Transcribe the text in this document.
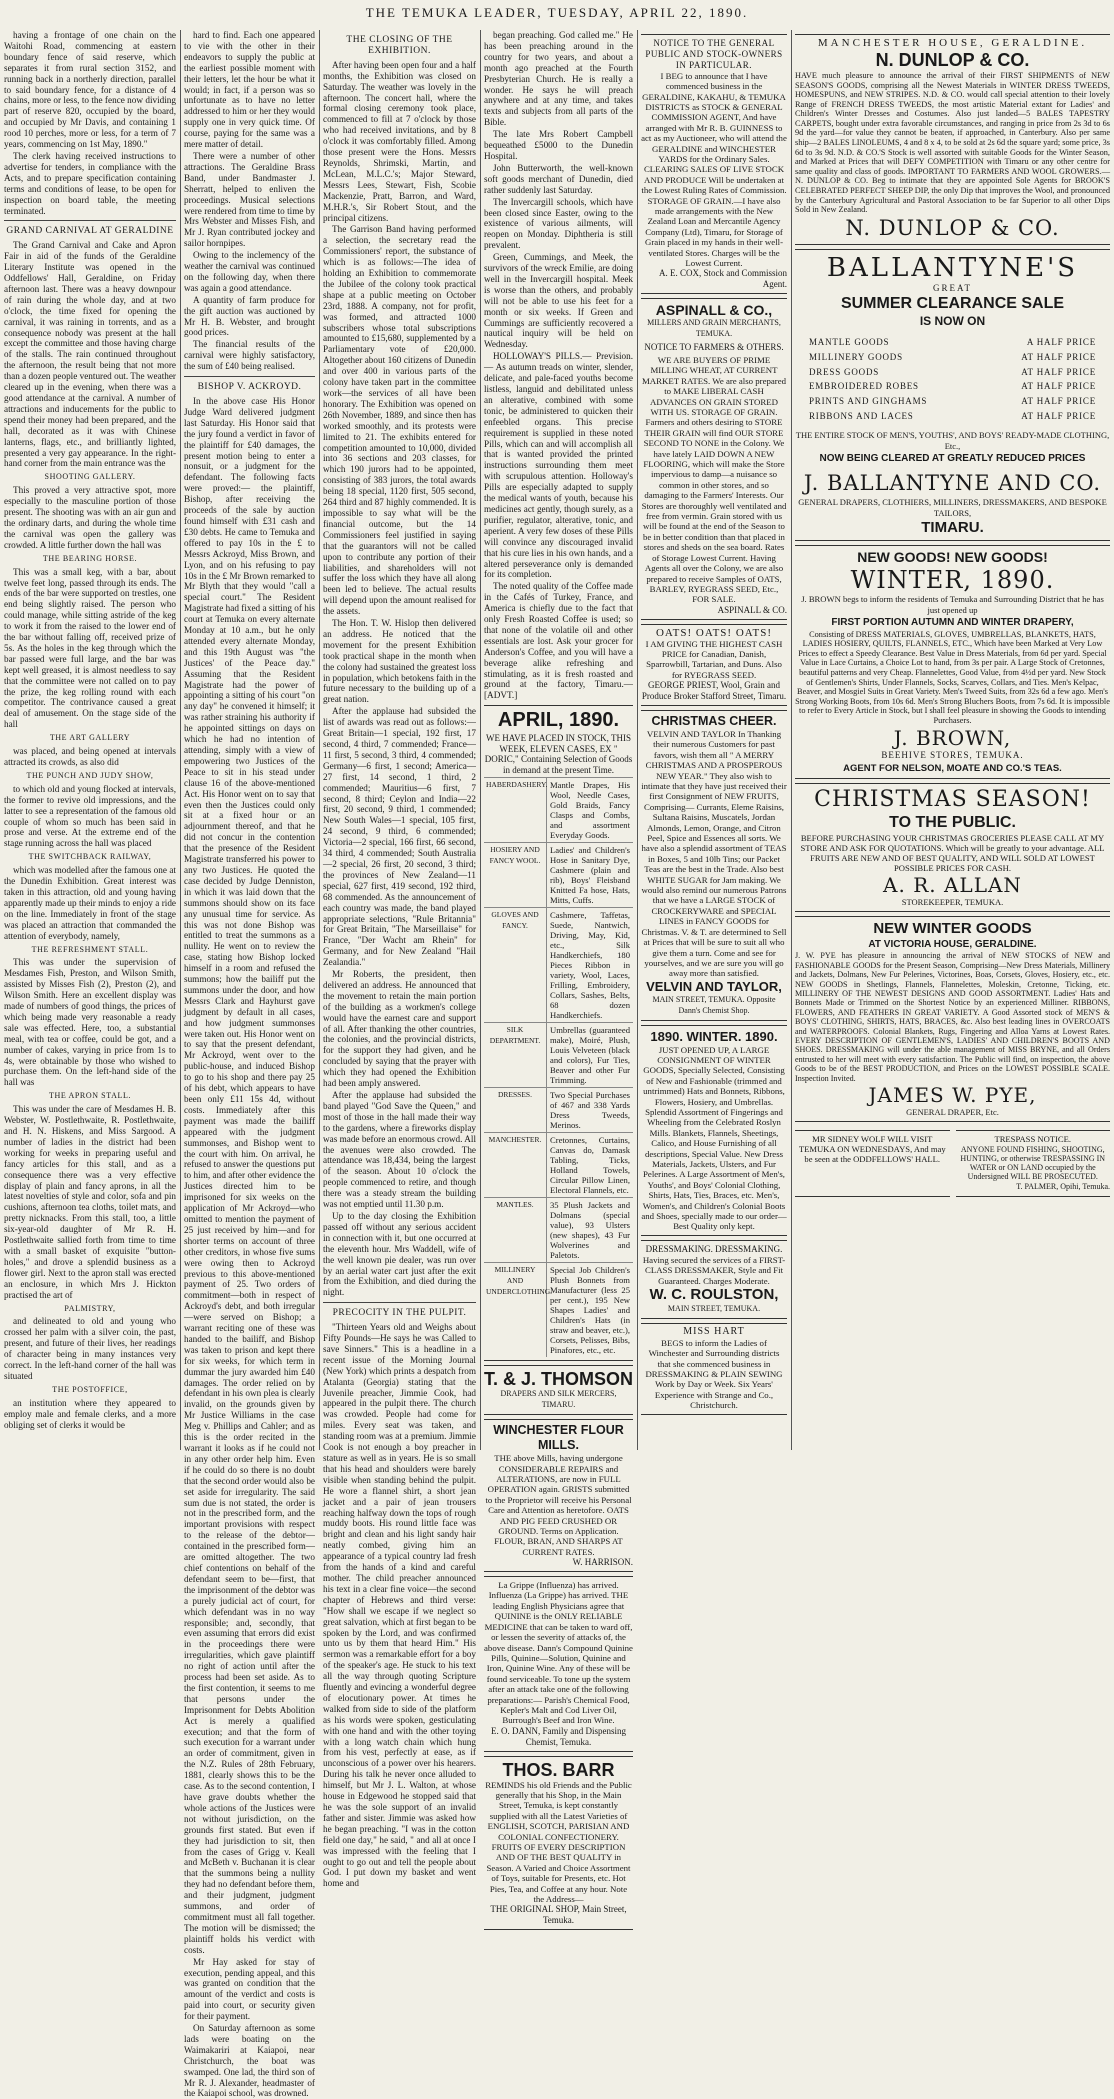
THE TEMUKA LEADER, TUESDAY, APRIL 22, 1890.

having a frontage of one chain on the Waitohi Road, commencing at eastern boundary fence of said reserve, which separates it from rural section 3152, and running back in a northerly direction, parallel to said boundary fence, for a distance of 4 chains, more or less, to the fence now dividing part of reserve 820, occupied by the board, and occupied by Mr Davis, and containing 1 rood 10 perches, more or less, for a term of 7 years, commencing on 1st May, 1890."

The clerk having received instructions to advertise for tenders, in compliance with the Acts, and to prepare specification containing terms and conditions of lease, to be open for inspection on board table, the meeting terminated.

GRAND CARNIVAL AT GERALDINE

The Grand Carnival and Cake and Apron Fair in aid of the funds of the Geraldine Literary Institute was opened in the Oddfellows' Hall, Geraldine, on Friday afternoon last. There was a heavy downpour of rain during the whole day, and at two o'clock, the time fixed for opening the carnival, it was raining in torrents, and as a consequence nobody was present at the hall except the committee and those having charge of the stalls. The rain continued throughout the afternoon, the result being that not more than a dozen people ventured out. The weather cleared up in the evening, when there was a good attendance at the carnival. A number of attractions and inducements for the public to spend their money had been prepared, and the hall, decorated as it was with Chinese lanterns, flags, etc., and brilliantly lighted, presented a very gay appearance. In the right-hand corner from the main entrance was the

SHOOTING GALLERY.

This proved a very attractive spot, more especially to the masculine portion of those present. The shooting was with an air gun and the ordinary darts, and during the whole time the carnival was open the gallery was crowded. A little further down the hall was

THE BEARING HORSE.

This was a small keg, with a bar, about twelve feet long, passed through its ends. The ends of the bar were supported on trestles, one end being slightly raised. The person who could manage, while sitting astride of the keg to work it from the raised to the lower end of the bar without falling off, received prize of 5s. As the holes in the keg through which the bar passed were full large, and the bar was kept well greased, it is almost needless to say that the committee were not called on to pay the prize, the keg rolling round with each competitor. The contrivance caused a great deal of amusement. On the stage side of the hall

THE ART GALLERY

was placed, and being opened at intervals attracted its crowds, as also did

THE PUNCH AND JUDY SHOW,

to which old and young flocked at intervals, the former to revive old impressions, and the latter to see a representation of the famous old couple of whom so much has been said in prose and verse. At the extreme end of the stage running across the hall was placed

THE SWITCHBACK RAILWAY,

which was modelled after the famous one at the Dunedin Exhibition. Great interest was taken in this attraction, old and young having apparently made up their minds to enjoy a ride on the line. Immediately in front of the stage was placed an attraction that commanded the attention of everybody, namely,

THE REFRESHMENT STALL.

This was under the supervision of Mesdames Fish, Preston, and Wilson Smith, assisted by Misses Fish (2), Preston (2), and Wilson Smith. Here an excellent display was made of numbers of good things, the prices of which being made very reasonable a ready sale was effected. Here, too, a substantial meal, with tea or coffee, could be got, and a number of cakes, varying in price from 1s to 4s, were obtainable by those who wished to purchase them. On the left-hand side of the hall was

THE APRON STALL.

This was under the care of Mesdames H. B. Webster, W. Postlethwaite, R. Postlethwaite, and H. N. Hiskens, and Miss Sargood. A number of ladies in the district had been working for weeks in preparing useful and fancy articles for this stall, and as a consequence there was a very effective display of plain and fancy aprons, in all the latest novelties of style and color, sofa and pin cushions, afternoon tea cloths, toilet mats, and pretty nicknacks. From this stall, too, a little six-year-old daughter of Mr R. H. Postlethwaite sallied forth from time to time with a small basket of exquisite "button-holes," and drove a splendid business as a flower girl. Next to the apron stall was erected an enclosure, in which Mrs J. Hickton practised the art of

PALMISTRY,

and delineated to old and young who crossed her palm with a silver coin, the past, present, and future of their lives, her readings of character being in many instances very correct. In the left-hand corner of the hall was situated

THE POSTOFFICE,

an institution where they appeared to employ male and female clerks, and a more obliging set of clerks it would be

hard to find. Each one appeared to vie with the other in their endeavors to supply the public at the earliest possible moment with their letters, let the hour be what it would; in fact, if a person was so unfortunate as to have no letter addressed to him or her they would supply one in very quick time. Of course, paying for the same was a mere matter of detail.

There were a number of other attractions. The Geraldine Brass Band, under Bandmaster J. Sherratt, helped to enliven the proceedings. Musical selections were rendered from time to time by Mrs Webster and Misses Fish, and Mr J. Ryan contributed jockey and sailor hornpipes.

Owing to the inclemency of the weather the carnival was continued on the following day, when there was again a good attendance.

A quantity of farm produce for the gift auction was auctioned by Mr H. B. Webster, and brought good prices.

The financial results of the carnival were highly satisfactory, the sum of £40 being realised.

BISHOP V. ACKROYD.

In the above case His Honor Judge Ward delivered judgment last Saturday. His Honor said that the jury found a verdict in favor of the plaintiff for £40 damages, the present motion being to enter a nonsuit, or a judgment for the defendant. The following facts were proved:— the plaintiff, Bishop, after receiving the proceeds of the sale by auction found himself with £31 cash and £30 debts. He came to Temuka and offered to pay 10s in the £ to Messrs Ackroyd, Miss Brown, and Lyon, and on his refusing to pay 10s in the £ Mr Brown remarked to Mr Blyth that they would "call a special court." The Resident Magistrate had fixed a sitting of his court at Temuka on every alternate Monday at 10 a.m., but he only attended every alternate Monday, and this 19th August was "the Justices' of the Peace day." Assuming that the Resident Magistrate had the power of appointing a sitting of his court "on any day" he convened it himself; it was rather straining his authority if he appointed sittings on days on which he had no intention of attending, simply with a view of empowering two Justices of the Peace to sit in his stead under clause 16 of the above-mentioned Act. His Honor went on to say that even then the Justices could only sit at a fixed hour or an adjournment thereof, and that he did not concur in the contention that the presence of the Resident Magistrate transferred his power to any two Justices. He quoted the case decided by Judge Denniston, in which it was laid down that the summons should show on its face any unusual time for service. As this was not done Bishop was entitled to treat the summons as a nullity. He went on to review the case, stating how Bishop locked himself in a room and refused the summons; how the bailiff put the summons under the door, and how Messrs Clark and Hayhurst gave judgment by default in all cases, and how judgment summonses were taken out. His Honor went on to say that the present defendant, Mr Ackroyd, went over to the public-house, and induced Bishop to go to his shop and there pay 25 of his debt, which appears to have been only £11 15s 4d, without costs. Immediately after this payment was made the bailiff appeared with the judgment summonses, and Bishop went to the court with him. On arrival, he refused to answer the questions put to him, and after other evidence the Justices directed him to be imprisoned for six weeks on the application of Mr Ackroyd—who omitted to mention the payment of 25 just received by him—and for shorter terms on account of three other creditors, in whose five sums were owing then to Ackroyd previous to this above-mentioned payment of 25. Two orders of commitment—both in respect of Ackroyd's debt, and both irregular—were served on Bishop; a warrant reciting one of these was handed to the bailiff, and Bishop was taken to prison and kept there for six weeks, for which term in dummar the jury awarded him £40 damages. The order relied on by defendant in his own plea is clearly invalid, on the grounds given by Mr Justice Williams in the case Meg v. Phillips and Cahler; and as this is the order recited in the warrant it looks as if he could not in any other order help him. Even if he could do so there is no doubt that the second order would also be set aside for irregularity. The said sum due is not stated, the order is not in the prescribed form, and the important provisions with respect to the release of the debtor—contained in the prescribed form—are omitted altogether. The two chief contentions on behalf of the defendant seem to be—first, that the imprisonment of the debtor was a purely judicial act of court, for which defendant was in no way responsible; and, secondly, that even assuming that errors did exist in the proceedings there were irregularities, which gave plaintiff no right of action until after the process had been set aside. As to the first contention, it seems to me that persons under the Imprisonment for Debts Abolition Act is merely a qualified execution; and that the form of such execution for a warrant under an order of commitment, given in the N.Z. Rules of 28th February, 1881, clearly shows this to be the case. As to the second contention, I have grave doubts whether the whole actions of the Justices were not without jurisdiction, on the grounds first stated. But even if they had jurisdiction to sit, then from the cases of Grigg v. Keall and McBeth v. Buchanan it is clear that the summons being a nullity they had no defendant before them, and their judgment, judgment summons, and order of commitment must all fall together. The motion will be dismissed; the plaintiff holds his verdict with costs.

Mr Hay asked for stay of execution, pending appeal, and this was granted on condition that the amount of the verdict and costs is paid into court, or security given for their payment.

On Saturday afternoon as some lads were boating on the Waimakariri at Kaiapoi, near Christchurch, the boat was swamped. One lad, the third son of Mr R. J. Alexander, headmaster of the Kaiapoi school, was drowned.

THE CLOSING OF THE EXHIBITION.

After having been open four and a half months, the Exhibition was closed on Saturday. The weather was lovely in the afternoon. The concert hall, where the formal closing ceremony took place, commenced to fill at 7 o'clock by those who had received invitations, and by 8 o'clock it was comfortably filled. Among those present were the Hons. Messrs Reynolds, Shrimski, Martin, and McLean, M.L.C.'s; Major Steward, Messrs Lees, Stewart, Fish, Scobie Mackenzie, Pratt, Barron, and Ward, M.H.R.'s, Sir Robert Stout, and the principal citizens.

The Garrison Band having performed a selection, the secretary read the Commissioners' report, the substance of which is as follows:—The idea of holding an Exhibition to commemorate the Jubilee of the colony took practical shape at a public meeting on October 23rd, 1888. A company, not for profit, was formed, and attracted 1000 subscribers whose total subscriptions amounted to £15,680, supplemented by a Parliamentary vote of £20,000. Altogether about 160 citizens of Dunedin and over 400 in various parts of the colony have taken part in the committee work—the services of all have been honorary. The Exhibition was opened on 26th November, 1889, and since then has worked smoothly, and its protests were limited to 21. The exhibits entered for competition amounted to 10,000, divided into 36 sections and 203 classes, for which 190 jurors had to be appointed, consisting of 383 jurors, the total awards being 18 special, 1120 first, 505 second, 264 third and 87 highly commended. It is impossible to say what will be the financial outcome, but the 14 Commissioners feel justified in saying that the guarantors will not be called upon to contribute any portion of their liabilities, and shareholders will not suffer the loss which they have all along been led to believe. The actual results will depend upon the amount realised for the assets.

The Hon. T. W. Hislop then delivered an address. He noticed that the movement for the present Exhibition took practical shape in the month when the colony had sustained the greatest loss in population, which betokens faith in the future necessary to the building up of a great nation.

After the applause had subsided the list of awards was read out as follows:—Great Britain—1 special, 192 first, 17 second, 4 third, 7 commended; France—11 first, 5 second, 3 third, 4 commended; Germany—6 first, 1 second; America—27 first, 14 second, 1 third, 2 commended; Mauritius—6 first, 7 second, 8 third; Ceylon and India—22 first, 20 second, 9 third, 1 commended; New South Wales—1 special, 105 first, 24 second, 9 third, 6 commended; Victoria—2 special, 166 first, 66 second, 34 third, 4 commended; South Australia—2 special, 26 first, 20 second, 3 third; the provinces of New Zealand—11 special, 627 first, 419 second, 192 third, 68 commended. As the announcement of each country was made, the band played appropriate selections, "Rule Britannia" for Great Britain, "The Marseillaise" for France, "Der Wacht am Rhein" for Germany, and for New Zealand "Hail Zealandia."

Mr Roberts, the president, then delivered an address. He announced that the movement to retain the main portion of the building as a workmen's college would have the earnest care and support of all. After thanking the other countries, the colonies, and the provincial districts, for the support they had given, and he concluded by saying that the prayer with which they had opened the Exhibition had been amply answered.

After the applause had subsided the band played "God Save the Queen," and most of those in the hall made their way to the gardens, where a fireworks display was made before an enormous crowd. All the avenues were also crowded. The attendance was 18,434, being the largest of the season. About 10 o'clock the people commenced to retire, and though there was a steady stream the building was not emptied until 11.30 p.m.

Up to the day closing the Exhibition passed off without any serious accident in connection with it, but one occurred at the eleventh hour. Mrs Waddell, wife of the well known pie dealer, was run over by an aerial water cart just after the exit from the Exhibition, and died during the night.

PRECOCITY IN THE PULPIT.

"Thirteen Years old and Weighs about Fifty Pounds—He says he was Called to save Sinners." This is a headline in a recent issue of the Morning Journal (New York) which prints a despatch from Atalanta (Georgia) stating that the Juvenile preacher, Jimmie Cook, had appeared in the pulpit there. The church was crowded. People had come for miles. Every seat was taken, and standing room was at a premium. Jimmie Cook is not enough a boy preacher in stature as well as in years. He is so small that his head and shoulders were barely visible when standing behind the pulpit. He wore a flannel shirt, a short jean jacket and a pair of jean trousers reaching halfway down the tops of rough muddy boots. His round little face was bright and clean and his light sandy hair neatly combed, giving him an appearance of a typical country lad fresh from the hands of a kind and careful mother. The child preacher announced his text in a clear fine voice—the second chapter of Hebrews and third verse: "How shall we escape if we neglect so great salvation, which at first began to be spoken by the Lord, and was confirmed unto us by them that heard Him." His sermon was a remarkable effort for a boy of the speaker's age. He stuck to his text all the way through quoting Scripture fluently and evincing a wonderful degree of elocutionary power. At times he walked from side to side of the platform as his words were spoken, gesticulating with one hand and with the other toying with a long watch chain which hung from his vest, perfectly at ease, as if unconscious of a power over his hearers. During his talk he never once alluded to himself, but Mr J. L. Walton, at whose house in Edgewood he stopped said that he was the sole support of an invalid father and sister. Jimmie was asked how he began preaching. "I was in the cotton field one day," he said, " and all at once I was impressed with the feeling that I ought to go out and tell the people about God. I put down my basket and went home and

began preaching. God called me." He has been preaching around in the country for two years, and about a month ago preached at the Fourth Presbyterian Church. He is really a wonder. He says he will preach anywhere and at any time, and takes texts and subjects from all parts of the Bible.

The late Mrs Robert Campbell bequeathed £5000 to the Dunedin Hospital.

John Butterworth, the well-known soft goods merchant of Dunedin, died rather suddenly last Saturday.

The Invercargill schools, which have been closed since Easter, owing to the existence of various ailments, will reopen on Monday. Diphtheria is still prevalent.

Green, Cummings, and Meek, the survivors of the wreck Emilie, are doing well in the Invercargill hospital. Meek is worse than the others, and probably will not be able to use his feet for a month or six weeks. If Green and Cummings are sufficiently recovered a nautical inquiry will be held on Wednesday.

HOLLOWAY'S PILLS.— Prevision.— As autumn treads on winter, slender, delicate, and pale-faced youths become listless, languid and debilitated unless an alterative, combined with some tonic, be administered to quicken their enfeebled organs. This precise requirement is supplied in these noted Pills, which can and will accomplish all that is wanted provided the printed instructions surrounding them meet with scrupulous attention. Holloway's Pills are especially adapted to supply the medical wants of youth, because his medicines act gently, though surely, as a purifier, regulator, alterative, tonic, and aperient. A very few doses of these Pills will convince any discouraged invalid that his cure lies in his own hands, and a altered perseverance only is demanded for its completion.

The noted quality of the Coffee made in the Cafés of Turkey, France, and America is chiefly due to the fact that only Fresh Roasted Coffee is used; so that none of the volatile oil and other essentials are lost. Ask your grocer for Anderson's Coffee, and you will have a beverage alike refreshing and stimulating, as it is fresh roasted and ground at the factory, Timaru.—[ADVT.]

APRIL, 1890.
WE HAVE PLACED IN STOCK, THIS WEEK, ELEVEN CASES, EX " DORIC," Containing Selection of Goods in demand at the present Time.
HABERDASHERY. Mantle Drapes, His Wool, Needle Cases, Gold Braids, Fancy Clasps and Combs, and assortment Everyday Goods.
HOSIERY AND FANCY WOOL.
Ladies' and Children's Hose in Sanitary Dye, Cashmere (plain and rib), Boys' Fleisband Knitted Fa hose, Hats, Mitts, Cuffs.
GLOVES AND FANCY.
Cashmere, Taffetas, Suede, Nantwich, Driving, May, Kid, etc., Silk Handkerchiefs, 180 Pieces Ribbon in variety, Wool, Laces, Frilling, Embroidery, Collars, Sashes, Belts, 68 dozen Handkerchiefs.
SILK DEPARTMENT.
Umbrellas (guaranteed make), Moiré, Plush, Louis Velveteen (black and colors), Fur Ties, Beaver and other Fur Trimming.
DRESSES.	Two Special Purchases of 467 and 338 Yards Dress Tweeds, Merinos.
MANCHESTER.	Cretonnes, Curtains, Canvas do, Damask Tabling, Ticks, Holland Towels, Circular Pillow Linen, Electoral Flannels, etc.
MANTLES.	35 Plush Jackets and Dolmans (special value), 93 Ulsters (new shapes), 43 Fur Wolverines and Paletots.
MILLINERY AND UNDERCLOTHING.
Special Job Children's Plush Bonnets from Manufacturer (less 25 per cent.), 195 New Shapes Ladies' and Children's Hats (in straw and beaver, etc.), Corsets, Pelisses, Bibs, Pinafores, etc., etc.
T. & J. THOMSON
DRAPERS AND SILK MERCERS, TIMARU.
WINCHESTER FLOUR MILLS.
THE above Mills, having undergone CONSIDERABLE REPAIRS and ALTERATIONS, are now in FULL OPERATION again. GRISTS submitted to the Proprietor will receive his Personal Care and Attention as heretofore. OATS AND PIG FEED CRUSHED OR GROUND. Terms on Application. FLOUR, BRAN, AND SHARPS AT CURRENT RATES.
W. HARRISON.
La Grippe (Influenza) has arrived. Influenza (La Grippe) has arrived. THE leading English Physicians agree that QUININE is the ONLY RELIABLE MEDICINE that can be taken to ward off, or lessen the severity of attacks of, the above disease. Dann's Compound Quinine Pills, Quinine—Solution, Quinine and Iron, Quinine Wine. Any of these will be found serviceable. To tone up the system after an attack take one of the following preparations:— Parish's Chemical Food, Kepler's Malt and Cod Liver Oil, Burrough's Beef and Iron Wine.
E. O. DANN, Family and Dispensing Chemist, Temuka.
THOS. BARR
REMINDS his old Friends and the Public generally that his Shop, in the Main Street, Temuka, is kept constantly supplied with all the Latest Varieties of ENGLISH, SCOTCH, PARISIAN AND COLONIAL CONFECTIONERY. FRUITS OF EVERY DESCRIPTION AND OF THE BEST QUALITY in Season. A Varied and Choice Assortment of Toys, suitable for Presents, etc. Hot Pies, Tea, and Coffee at any hour. Note the Address—
THE ORIGINAL SHOP, Main Street, Temuka.
NOTICE TO THE GENERAL PUBLIC AND STOCK-OWNERS IN PARTICULAR.
I BEG to announce that I have commenced business in the GERALDINE, KAKAHU, & TEMUKA DISTRICTS as STOCK & GENERAL COMMISSION AGENT, And have arranged with Mr R. B. GUINNESS to act as my Auctioneer, who will attend the GERALDINE and WINCHESTER YARDS for the Ordinary Sales. CLEARING SALES OF LIVE STOCK AND PRODUCE Will be undertaken at the Lowest Ruling Rates of Commission. STORAGE OF GRAIN.—I have also made arrangements with the New Zealand Loan and Mercantile Agency Company (Ltd), Timaru, for Storage of Grain placed in my hands in their well-ventilated Stores. Charges will be the Lowest Current.
A. E. COX, Stock and Commission Agent.
ASPINALL & CO.,
MILLERS AND GRAIN MERCHANTS, TEMUKA.
NOTICE TO FARMERS & OTHERS.
WE ARE BUYERS OF PRIME MILLING WHEAT, AT CURRENT MARKET RATES. We are also prepared to MAKE LIBERAL CASH ADVANCES ON GRAIN STORED WITH US. STORAGE OF GRAIN. Farmers and others desiring to STORE THEIR GRAIN will find OUR STORE SECOND TO NONE in the Colony. We have lately LAID DOWN A NEW FLOORING, which will make the Store impervious to damp—a nuisance so common in other stores, and so damaging to the Farmers' Interests. Our Stores are thoroughly well ventilated and free from vermin. Grain stored with us will be found at the end of the Season to be in better condition than that placed in stores and sheds on the sea board. Rates of Storage Lowest Current. Having Agents all over the Colony, we are also prepared to receive Samples of OATS, BARLEY, RYEGRASS SEED, Etc., FOR SALE.
ASPINALL & CO.
OATS! OATS! OATS!
I AM GIVING THE HIGHEST CASH PRICE for Canadian, Danish, Sparrowbill, Tartarian, and Duns. Also for RYEGRASS SEED.
GEORGE PRIEST, Wool, Grain and Produce Broker Stafford Street, Timaru.
CHRISTMAS CHEER.
VELVIN AND TAYLOR In Thanking their numerous Customers for past favors, wish them all " A MERRY CHRISTMAS AND A PROSPEROUS NEW YEAR." They also wish to intimate that they have just received their first Consignment of NEW FRUITS, Comprising— Currants, Eleme Raisins, Sultana Raisins, Muscatels, Jordan Almonds, Lemon, Orange, and Citron Peel, Spice and Essences all sorts. We have also a splendid assortment of TEAS in Boxes, 5 and 10lb Tins; our Packet Teas are the best in the Trade. Also best WHITE SUGAR for Jam making. We would also remind our numerous Patrons that we have a LARGE STOCK of CROCKERYWARE and SPECIAL LINES in FANCY GOODS for Christmas. V. & T. are determined to Sell at Prices that will be sure to suit all who give them a turn. Come and see for yourselves, and we are sure you will go away more than satisfied.
VELVIN AND TAYLOR,
MAIN STREET, TEMUKA. Opposite Dann's Chemist Shop.
1890. WINTER. 1890.
JUST OPENED UP, A LARGE CONSIGNMENT OF WINTER GOODS, Specially Selected, Consisting of New and Fashionable (trimmed and untrimmed) Hats and Bonnets, Ribbons, Flowers, Hosiery, and Umbrellas. Splendid Assortment of Fingerings and Wheeling from the Celebrated Roslyn Mills. Blankets, Flannels, Sheetings, Calico, and House Furnishing of all descriptions, Special Value. New Dress Materials, Jackets, Ulsters, and Fur Pelerines. A Large Assortment of Men's, Youths', and Boys' Colonial Clothing, Shirts, Hats, Ties, Braces, etc. Men's, Women's, and Children's Colonial Boots and Shoes, specially made to our order—Best Quality only kept.
DRESSMAKING. DRESSMAKING.
Having secured the services of a FIRST-CLASS DRESSMAKER, Style and Fit Guaranteed. Charges Moderate.
W. C. ROULSTON,
MAIN STREET, TEMUKA.
MISS HART
BEGS to inform the Ladies of Winchester and Surrounding districts that she commenced business in DRESSMAKING & PLAIN SEWING Work by Day or Week. Six Years' Experience with Strange and Co., Christchurch.
MANCHESTER HOUSE, GERALDINE.
N. DUNLOP & CO.
HAVE much pleasure to announce the arrival of their FIRST SHIPMENTS of NEW SEASON'S GOODS, comprising all the Newest Materials in WINTER DRESS TWEEDS, HOMESPUNS, and NEW STRIPES. N.D. & CO. would call special attention to their lovely Range of FRENCH DRESS TWEEDS, the most artistic Material extant for Ladies' and Children's Winter Dresses and Costumes. Also just landed—5 BALES TAPESTRY CARPETS, bought under extra favorable circumstances, and ranging in price from 2s 3d to 6s 9d the yard—for value they cannot be beaten, if approached, in Canterbury. Also per same ship—2 BALES LINOLEUMS, 4 and 8 x 4, to be sold at 2s 6d the square yard; some price, 3s 6d to 3s 9d. N.D. & CO.'S Stock is well assorted with suitable Goods for the Winter Season, and Marked at Prices that will DEFY COMPETITION with Timaru or any other centre for same quality and class of goods. IMPORTANT TO FARMERS AND WOOL GROWERS.—N. DUNLOP & CO. Beg to intimate that they are appointed Sole Agents for BROOK'S CELEBRATED PERFECT SHEEP DIP, the only Dip that improves the Wool, and pronounced by the Canterbury Agricultural and Pastoral Association to be far Superior to all other Dips Sold in New Zealand.
N. DUNLOP & CO.
BALLANTYNE'S
GREAT
SUMMER CLEARANCE SALE
IS NOW ON
MANTLE GOODS	A HALF PRICE
MILLINERY GOODS	AT HALF PRICE
DRESS GOODS	AT HALF PRICE
EMBROIDERED ROBES	AT HALF PRICE
PRINTS AND GINGHAMS	AT HALF PRICE
RIBBONS AND LACES	AT HALF PRICE
THE ENTIRE STOCK OF MEN'S, YOUTHS', AND BOYS' READY-MADE CLOTHING, Etc.,
NOW BEING CLEARED AT GREATLY REDUCED PRICES
J. BALLANTYNE AND CO.
GENERAL DRAPERS, CLOTHIERS, MILLINERS, DRESSMAKERS, AND BESPOKE TAILORS,
TIMARU.
NEW GOODS! NEW GOODS!
WINTER, 1890.
J. BROWN begs to inform the residents of Temuka and Surrounding District that he has just opened up
FIRST PORTION AUTUMN AND WINTER DRAPERY,
Consisting of DRESS MATERIALS, GLOVES, UMBRELLAS, BLANKETS, HATS, LADIES HOSIERY, QUILTS, FLANNELS, ETC., Which have been Marked at Very Low Prices to effect a Speedy Clearance. Best Value in Dress Materials, from 6d per yard. Special Value in Lace Curtains, a Choice Lot to hand, from 3s per pair. A Large Stock of Cretonnes, beautiful patterns and very Cheap. Flannelettes, Good Value, from 4½d per yard. New Stock of Gentlemen's Shirts, Under Flannels, Socks, Scarves, Collars, and Ties. Men's Kelpac, Beaver, and Mosgiel Suits in Great Variety. Men's Tweed Suits, from 32s 6d a few ago. Men's Strong Working Boots, from 10s 6d. Men's Strong Bluchers Boots, from 7s 6d. It is impossible to refer to Every Article in Stock, but I shall feel pleasure in showing the Goods to intending Purchasers.
J. BROWN,
BEEHIVE STORES, TEMUKA.
AGENT FOR NELSON, MOATE AND CO.'S TEAS.
CHRISTMAS SEASON!
TO THE PUBLIC.
BEFORE PURCHASING YOUR CHRISTMAS GROCERIES PLEASE CALL AT MY STORE AND ASK FOR QUOTATIONS. Which will be greatly to your advantage. ALL FRUITS ARE NEW AND OF BEST QUALITY, AND WILL SOLD AT LOWEST POSSIBLE PRICES FOR CASH.
A. R. ALLAN
STOREKEEPER, TEMUKA.
NEW WINTER GOODS
AT VICTORIA HOUSE, GERALDINE.
J. W. PYE has pleasure in announcing the arrival of NEW STOCKS of NEW and FASHIONABLE GOODS for the Present Season, Comprising—New Dress Materials, Millinery and Jackets, Dolmans, New Fur Pelerines, Victorines, Boas, Corsets, Gloves, Hosiery, etc., etc. NEW GOODS in Shetlings, Flannels, Flannelettes, Moleskin, Cretonne, Ticking, etc. MILLINERY OF THE NEWEST DESIGNS AND GOOD ASSORTMENT. Ladies' Hats and Bonnets Made or Trimmed on the Shortest Notice by an experienced Milliner. RIBBONS, FLOWERS, AND FEATHERS IN GREAT VARIETY. A Good Assorted stock of MEN'S & BOYS' CLOTHING, SHIRTS, HATS, BRACES, &c. Also best leading lines in OVERCOATS and WATERPROOFS. Colonial Blankets, Rugs, Fingering and Alloa Yarns at Lowest Rates. EVERY DESCRIPTION OF GENTLEMEN'S, LADIES' AND CHILDREN'S BOOTS AND SHOES. DRESSMAKING will under the able management of MISS BRYNE, and all Orders entrusted to her will meet with every satisfaction. The Public will find, on inspection, the above Goods to be of the BEST PRODUCTION, and Prices on the LOWEST POSSIBLE SCALE. Inspection Invited.
JAMES W. PYE,
GENERAL DRAPER, Etc.
MR SIDNEY WOLF WILL VISIT TEMUKA ON WEDNESDAYS, And may be seen at the ODDFELLOWS' HALL.
TRESPASS NOTICE.
ANYONE FOUND FISHING, SHOOTING, HUNTING, or otherwise TRESPASSING IN WATER or ON LAND occupied by the Undersigned WILL BE PROSECUTED.
T. PALMER, Opihi, Temuka.
